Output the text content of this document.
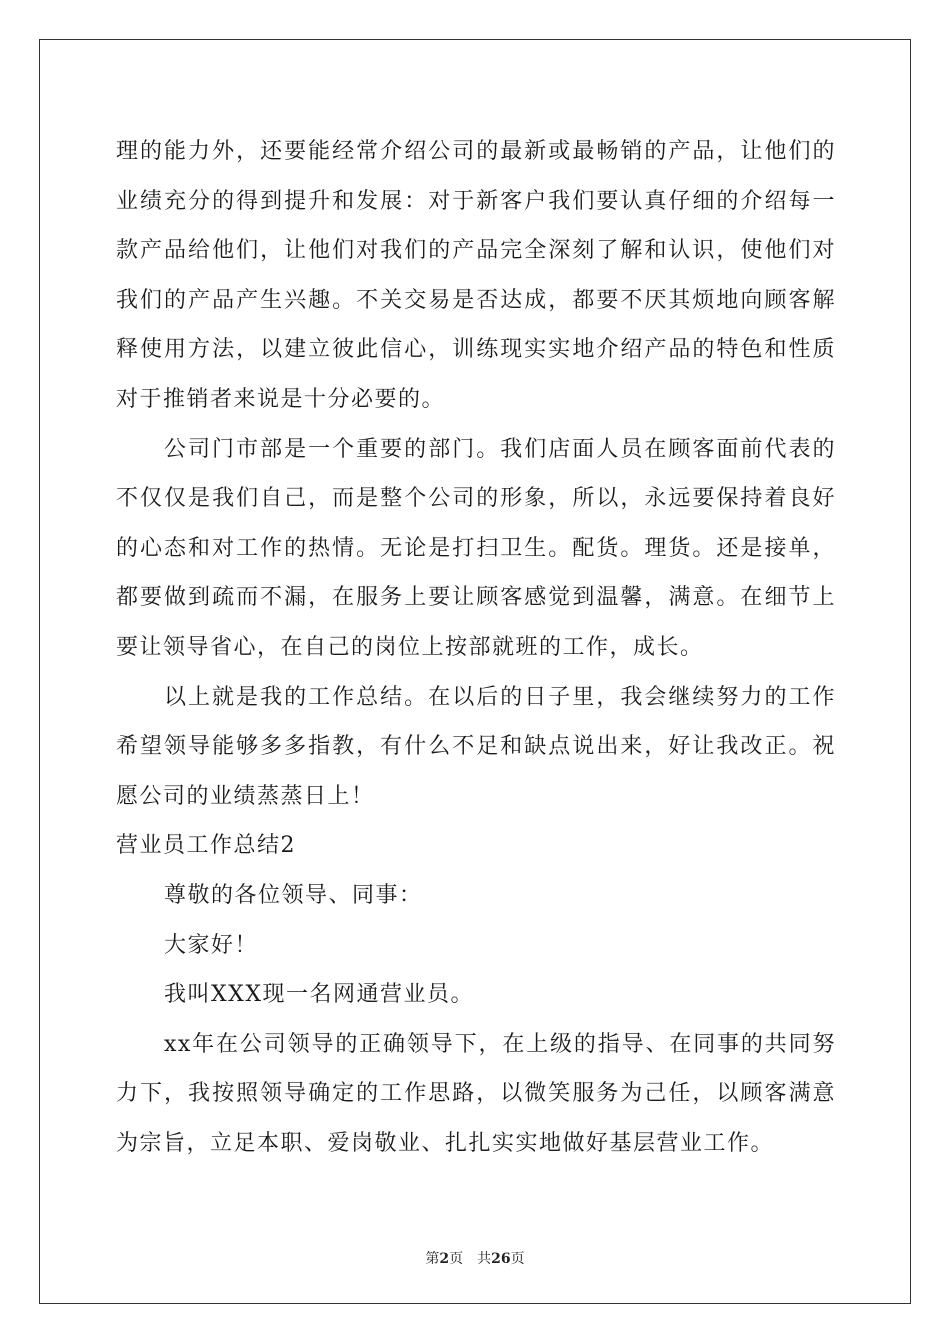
理的能力外，还要能经常介绍公司的最新或最畅销的产品，让他们的业绩充分的得到提升和发展：对于新客户我们要认真仔细的介绍每一款产品给他们，让他们对我们的产品完全深刻了解和认识，使他们对我们的产品产生兴趣。不关交易是否达成，都要不厌其烦地向顾客解释使用方法，以建立彼此信心，训练现实实地介绍产品的特色和性质对于推销者来说是十分必要的。

公司门市部是一个重要的部门。我们店面人员在顾客面前代表的不仅仅是我们自己，而是整个公司的形象，所以，永远要保持着良好的心态和对工作的热情。无论是打扫卫生。配货。理货。还是接单，都要做到疏而不漏，在服务上要让顾客感觉到温馨，满意。在细节上要让领导省心，在自己的岗位上按部就班的工作，成长。

以上就是我的工作总结。在以后的日子里，我会继续努力的工作希望领导能够多多指教，有什么不足和缺点说出来，好让我改正。祝愿公司的业绩蒸蒸日上！

营业员工作总结2

尊敬的各位领导、同事：

大家好！

我叫XXX现一名网通营业员。

xx年在公司领导的正确领导下，在上级的指导、在同事的共同努力下，我按照领导确定的工作思路，以微笑服务为己任，以顾客满意为宗旨，立足本职、爱岗敬业、扎扎实实地做好基层营业工作。

第2页 共26页
